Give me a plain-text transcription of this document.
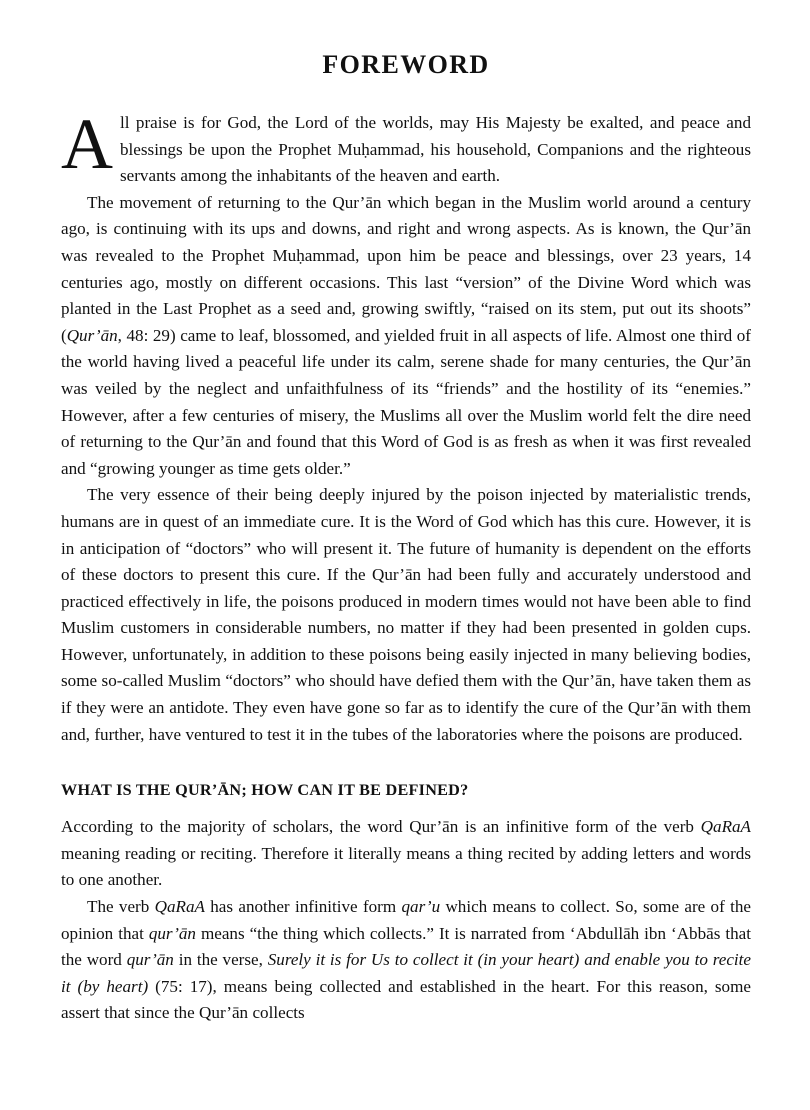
FOREWORD

All praise is for God, the Lord of the worlds, may His Majesty be exalted, and peace and blessings be upon the Prophet Muḥammad, his household, Companions and the righteous servants among the inhabitants of the heaven and earth.

The movement of returning to the Qur’ān which began in the Muslim world around a century ago, is continuing with its ups and downs, and right and wrong aspects. As is known, the Qur’ān was revealed to the Prophet Muḥammad, upon him be peace and blessings, over 23 years, 14 centuries ago, mostly on different occasions. This last “version” of the Divine Word which was planted in the Last Prophet as a seed and, growing swiftly, “raised on its stem, put out its shoots” (Qur’ān, 48: 29) came to leaf, blossomed, and yielded fruit in all aspects of life. Almost one third of the world having lived a peaceful life under its calm, serene shade for many centuries, the Qur’ān was veiled by the neglect and unfaithfulness of its “friends” and the hostility of its “enemies.” However, after a few centuries of misery, the Muslims all over the Muslim world felt the dire need of returning to the Qur’ān and found that this Word of God is as fresh as when it was first revealed and “growing younger as time gets older.”

The very essence of their being deeply injured by the poison injected by materialistic trends, humans are in quest of an immediate cure. It is the Word of God which has this cure. However, it is in anticipation of “doctors” who will present it. The future of humanity is dependent on the efforts of these doctors to present this cure. If the Qur’ān had been fully and accurately understood and practiced effectively in life, the poisons produced in modern times would not have been able to find Muslim customers in considerable numbers, no matter if they had been presented in golden cups. However, unfortunately, in addition to these poisons being easily injected in many believing bodies, some so-called Muslim “doctors” who should have defied them with the Qur’ān, have taken them as if they were an antidote. They even have gone so far as to identify the cure of the Qur’ān with them and, further, have ventured to test it in the tubes of the laboratories where the poisons are produced.

WHAT IS THE QUR’ĀN; HOW CAN IT BE DEFINED?

According to the majority of scholars, the word Qur’ān is an infinitive form of the verb QaRaA meaning reading or reciting. Therefore it literally means a thing recited by adding letters and words to one another.

The verb QaRaA has another infinitive form qar’u which means to collect. So, some are of the opinion that qur’ān means “the thing which collects.” It is narrated from ‘Abdullāh ibn ‘Abbās that the word qur’ān in the verse, Surely it is for Us to collect it (in your heart) and enable you to recite it (by heart) (75: 17), means being collected and established in the heart. For this reason, some assert that since the Qur’ān collects
